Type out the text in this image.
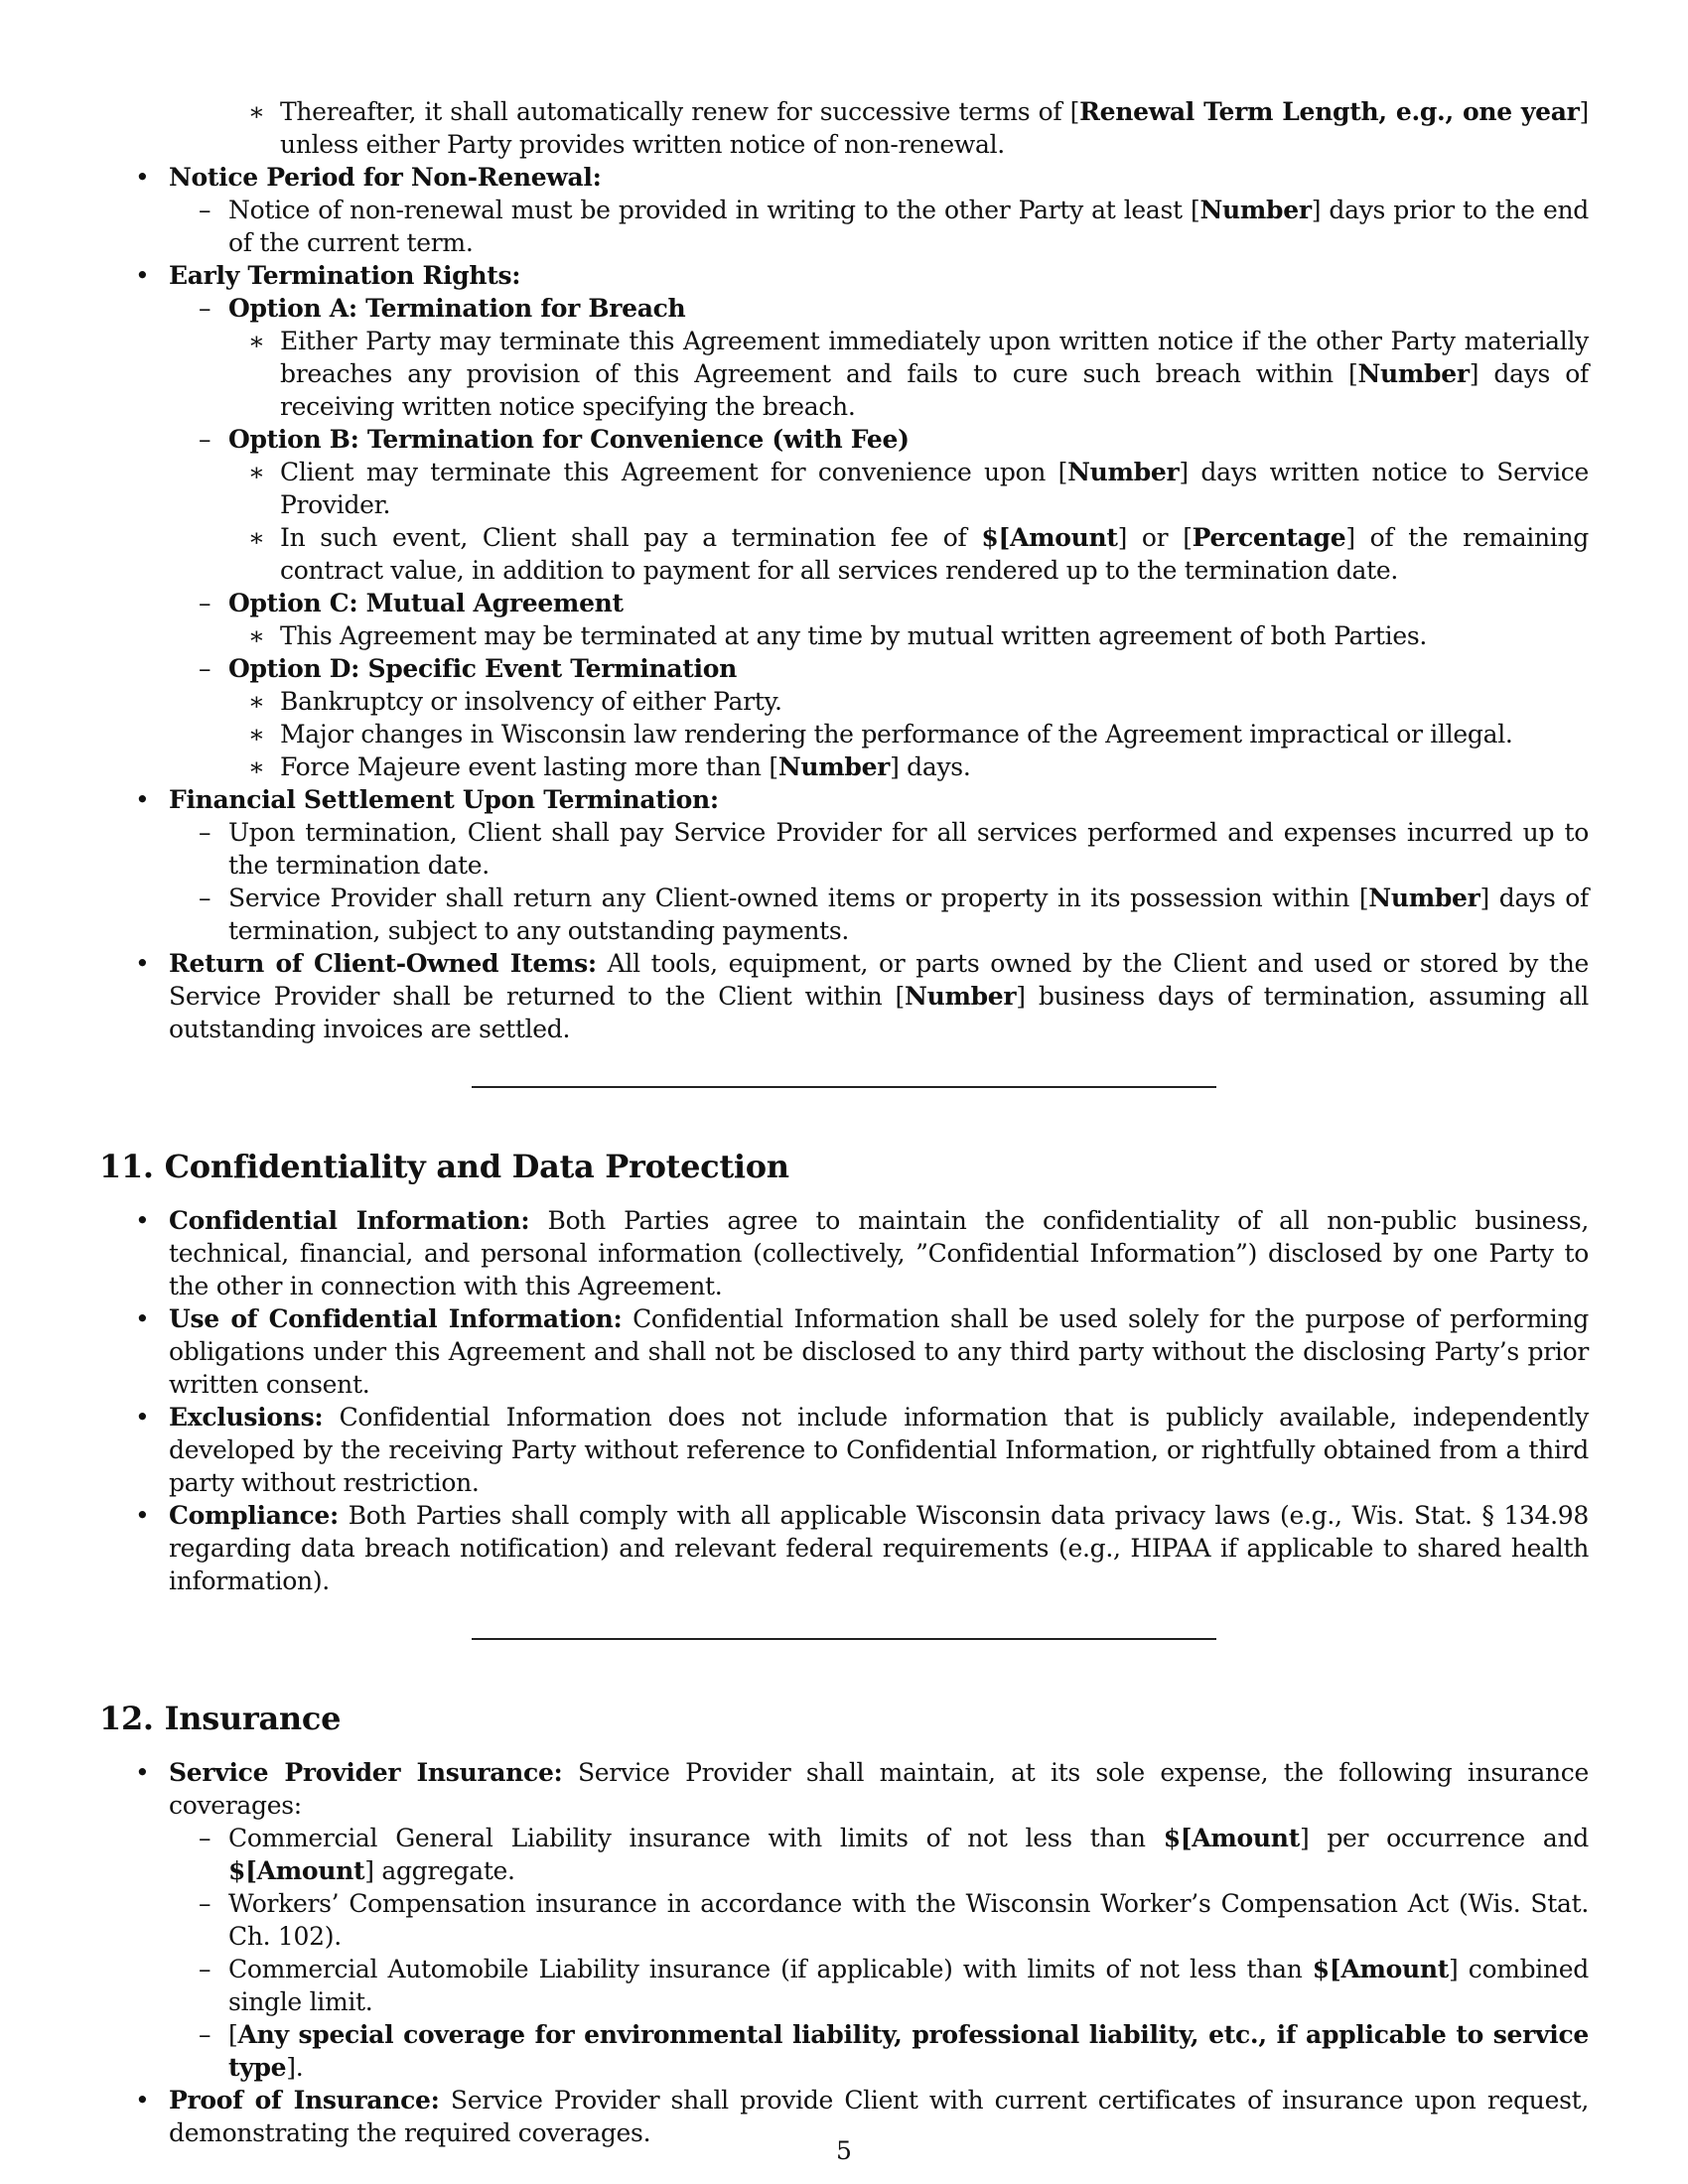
∗ Thereafter, it shall automatically renew for successive terms of [Renewal Term Length, e.g., one year] unless either Party provides written notice of non-renewal.
• Notice Period for Non-Renewal:
– Notice of non-renewal must be provided in writing to the other Party at least [Number] days prior to the end of the current term.
• Early Termination Rights:
– Option A: Termination for Breach
∗ Either Party may terminate this Agreement immediately upon written notice if the other Party materially breaches any provision of this Agreement and fails to cure such breach within [Number] days of receiving written notice specifying the breach.
– Option B: Termination for Convenience (with Fee)
∗ Client may terminate this Agreement for convenience upon [Number] days written notice to Service Provider.
∗ In such event, Client shall pay a termination fee of $[Amount] or [Percentage] of the remaining contract value, in addition to payment for all services rendered up to the termination date.
– Option C: Mutual Agreement
∗ This Agreement may be terminated at any time by mutual written agreement of both Parties.
– Option D: Specific Event Termination
∗ Bankruptcy or insolvency of either Party.
∗ Major changes in Wisconsin law rendering the performance of the Agreement impractical or illegal.
∗ Force Majeure event lasting more than [Number] days.
• Financial Settlement Upon Termination:
– Upon termination, Client shall pay Service Provider for all services performed and expenses incurred up to the termination date.
– Service Provider shall return any Client-owned items or property in its possession within [Number] days of termination, subject to any outstanding payments.
• Return of Client-Owned Items: All tools, equipment, or parts owned by the Client and used or stored by the Service Provider shall be returned to the Client within [Number] business days of termination, assuming all outstanding invoices are settled.
11. Confidentiality and Data Protection
• Confidential Information: Both Parties agree to maintain the confidentiality of all non-public business, technical, financial, and personal information (collectively, ”Confidential Information”) disclosed by one Party to the other in connection with this Agreement.
• Use of Confidential Information: Confidential Information shall be used solely for the purpose of performing obligations under this Agreement and shall not be disclosed to any third party without the disclosing Party’s prior written consent.
• Exclusions: Confidential Information does not include information that is publicly available, independently developed by the receiving Party without reference to Confidential Information, or rightfully obtained from a third party without restriction.
• Compliance: Both Parties shall comply with all applicable Wisconsin data privacy laws (e.g., Wis. Stat. § 134.98 regarding data breach notification) and relevant federal requirements (e.g., HIPAA if applicable to shared health information).
12. Insurance
• Service Provider Insurance: Service Provider shall maintain, at its sole expense, the following insurance coverages:
– Commercial General Liability insurance with limits of not less than $[Amount] per occurrence and $[Amount] aggregate.
– Workers’ Compensation insurance in accordance with the Wisconsin Worker’s Compensation Act (Wis. Stat. Ch. 102).
– Commercial Automobile Liability insurance (if applicable) with limits of not less than $[Amount] combined single limit.
– [Any special coverage for environmental liability, professional liability, etc., if applicable to service type].
• Proof of Insurance: Service Provider shall provide Client with current certificates of insurance upon request, demonstrating the required coverages.
5
